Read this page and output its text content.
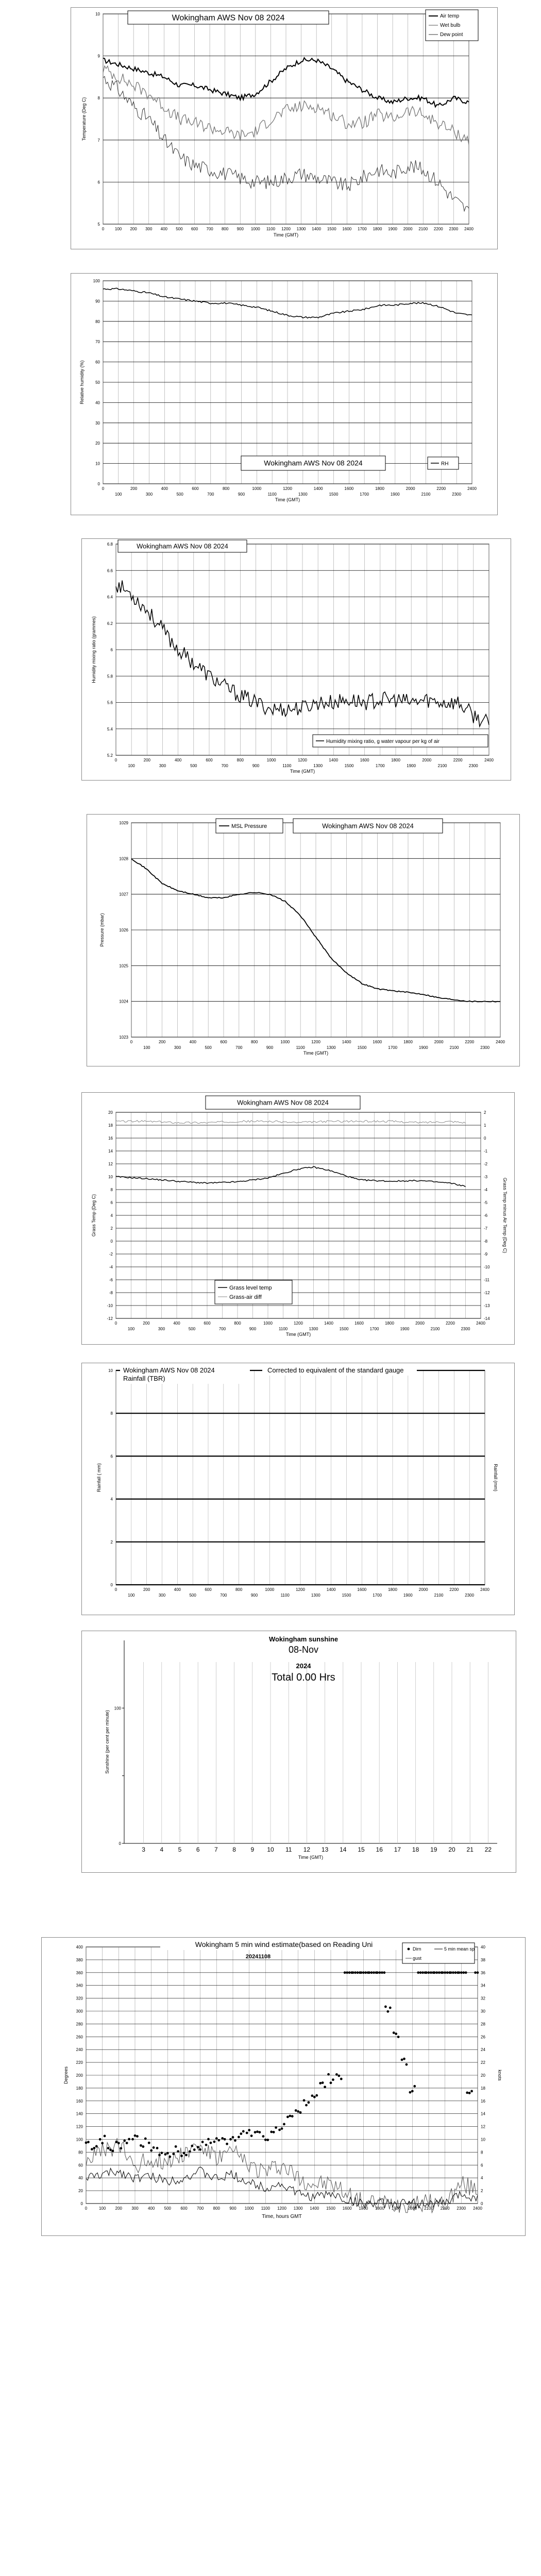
5
6
7
8
9
10
0	100 200 300 400 500 600 700 800 900 1000 1100 1200 1300 1400 1500 1600 1700 1800 1900 2000 2100 2200 2300 2400
Time (GMT)
Temperature (Deg C)
Wokingham AWS Nov 08 2024	Air temp
Wet bulb
Dew point
0
10
20
30
40
50
60
70
80
90
100
0	200	400	600	800	1000	1200	1400	1600	1800	2000	2200	2400
100	300	500	700	900	1100	1300	1500	1700	1900	2100	2300
Time (GMT)
Relative humidity (%)
Wokingham AWS Nov 08 2024	RH
5.2
5.4
5.6
5.8
6
6.2
6.4
6.6
6.8
0	200	400	600	800	1000	1200	1400	1600	1800	2000	2200	2400
100	300	500	700	900	1100	1300	1500	1700	1900	2100	2300
Time (GMT)
Humidity mixing ratio (grammes)
Wokingham AWS Nov 08 2024
Humidity mixing ratio, g water vapour per kg of air
1023
1024
1025
1026
1027
1028
1029
0	200	400	600	800	1000	1200	1400	1600	1800	2000	2200	2400
100	300	500	700	900	1100	1300	1500	1700	1900	2100	2300
Time (GMT)
Pressure (mbar)
MSL Pressure	Wokingham AWS Nov 08 2024
-12
-10
-8
-6
-4
-2
0
2
4
6
8
10
12
14
16
18
20
-14
-13
-12
-11
-10
-9
-8
-7
-6
-5
-4
-3
-2
-1
0
1
2
0	200	400	600	800	1000	1200	1400	1600	1800	2000	2200	2400
100	300	500	700	900	1100	1300	1500	1700	1900	2100	2300
Time (GMT)
Grass Temp (Deg C)	Grass Temp minus Air Temp (Deg C)
Wokingham AWS Nov 08 2024
Grass level temp
Grass-air diff
0
2
4
6
8
10
0	200	400	600	800	1000	1200	1400	1600	1800	2000	2200	2400
100	300	500	700	900	1100	1300	1500	1700	1900	2100	2300
Rainfall ( mm)	Rainfall (mm)
Wokingham AWS Nov 08 2024
Rainfall (TBR)
Corrected to equivalent of the standard gauge
3 4 5 6 7 8 9 10 11 12 13 14 15 16 17 18 19 20 21 22
0
100
Sunshine (per cent per minute)
Time (GMT)
Wokingham sunshine
08-Nov
2024
Total 0.00 Hrs
0
20
40
60
80
100
120
140
160
180
200
220
240
260
280
300
320
340
360
380
400
0
2
4
6
8
10
12
14
16
18
20
22
24
26
28
30
32
34
36
38
40
0	100 200 300 400 500 600 700 800 900 1000 1100 1200 1300 1400 1500 1600 1700 1800 1900 2000 2100 2200 2300 2400
Time, hours GMT
Degrees	knots
Wokingham 5 min wind estimate(based on Reading Uni
20241108
Dirn	5 min mean sp
gust
